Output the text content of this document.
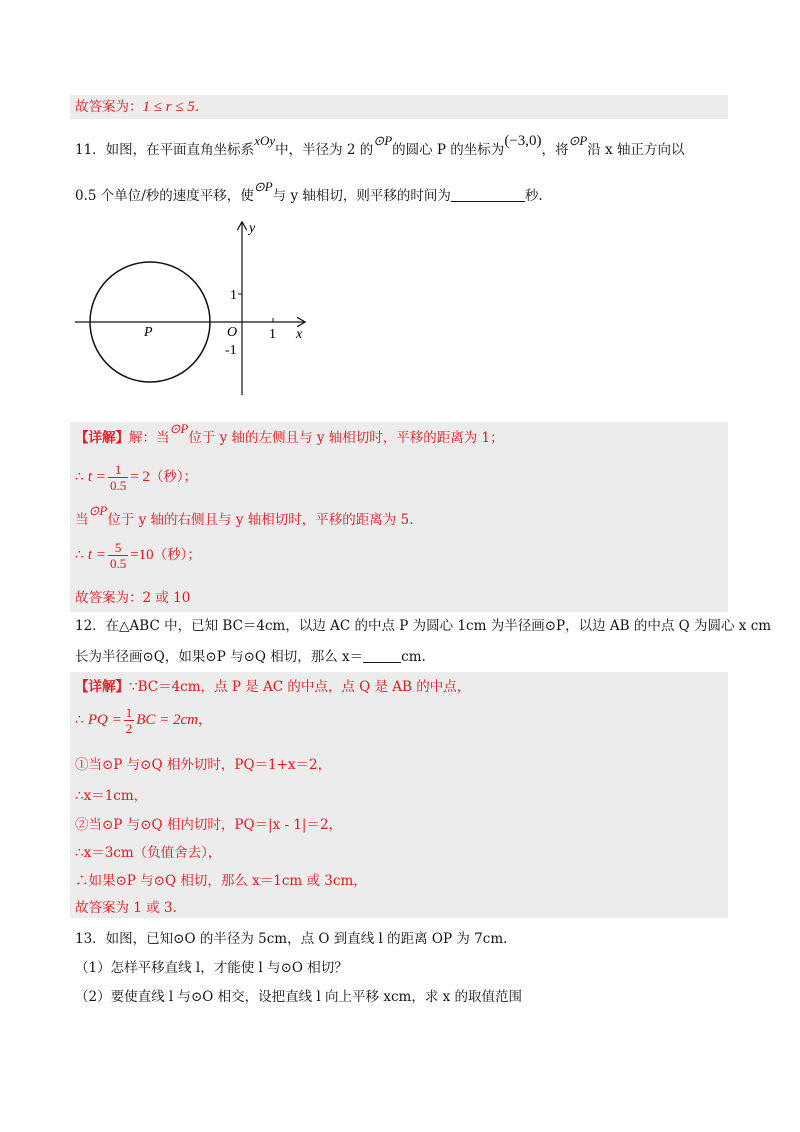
故答案为：1 ≤ r ≤ 5.
11．如图，在平面直角坐标系xOy中，半径为 2 的⊙P的圆心 P 的坐标为(−3,0)，将⊙P沿 x 轴正方向以
0.5 个单位/秒的速度平移，使⊙P与 y 轴相切，则平移的时间为	秒.
y
x
1
1
-1
O
P
【详解】解：当⊙P位于 y 轴的左侧且与 y 轴相切时，平移的距离为 1；
∴ $t = \frac{1}{0.5} = 2$（秒）；
当⊙P位于 y 轴的右侧且与 y 轴相切时，平移的距离为 5.
∴ $t = \frac{5}{0.5} =10$（秒）；
故答案为：2 或 10
12．在△ABC 中，已知 BC＝4cm，以边 AC 的中点 P 为圆心 1cm 为半径画⊙P，以边 AB 的中点 Q 为圆心 x cm
长为半径画⊙Q，如果⊙P 与⊙Q 相切，那么 x＝	cm.
【详解】∵BC＝4cm，点 P 是 AC 的中点，点 Q 是 AB 的中点，
∴ PQ = $\frac{1}{2}$ BC = 2cm，
①当⊙P 与⊙Q 相外切时，PQ＝1+x＝2，
∴x＝1cm，
②当⊙P 与⊙Q 相内切时，PQ＝|x - 1|＝2，
∴x＝3cm（负值舍去），
∴如果⊙P 与⊙Q 相切，那么 x＝1cm 或 3cm，
故答案为 1 或 3.
13．如图，已知⊙O 的半径为 5cm，点 O 到直线 l 的距离 OP 为 7cm.
（1）怎样平移直线 l，才能使 l 与⊙O 相切？
（2）要使直线 l 与⊙O 相交，设把直线 l 向上平移 xcm，求 x 的取值范围
